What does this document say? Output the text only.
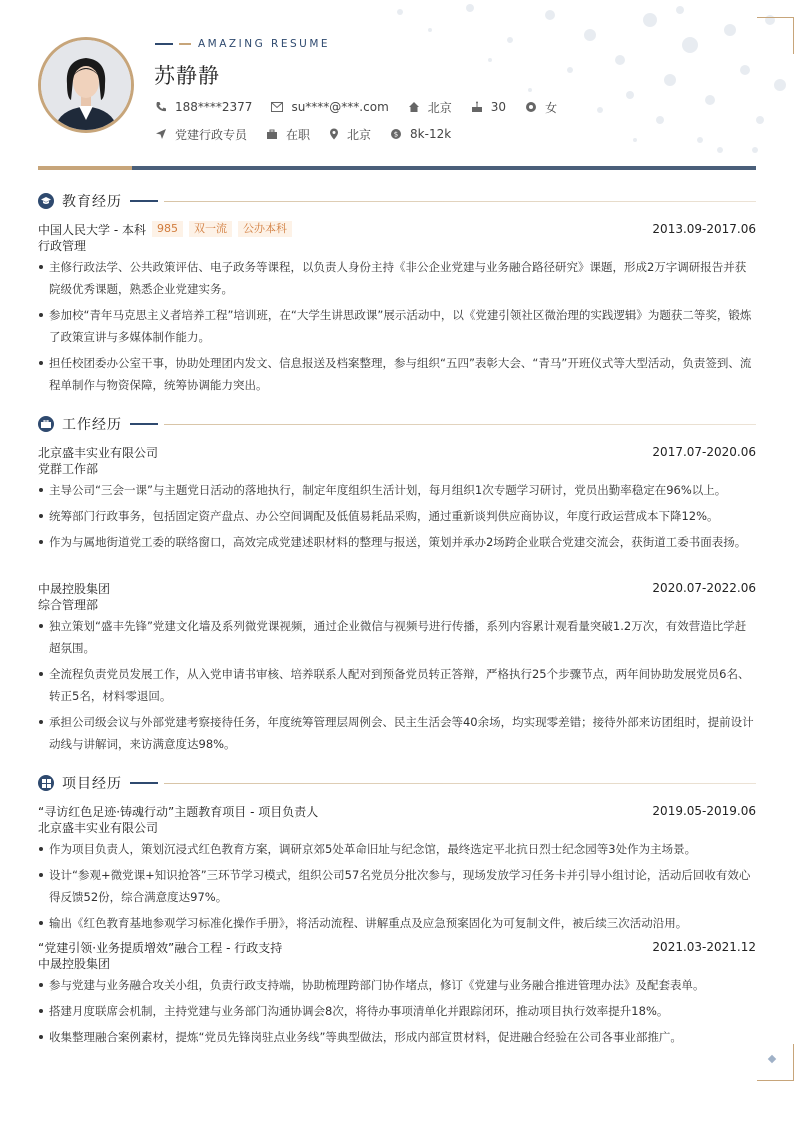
AMAZING RESUME
苏静静
188****2377	su****@***.com	北京	30	女
党建行政专员	在职	北京	$ 8k-12k
教育经历
中国人民大学 - 本科	985	双一流	公办本科	2013.09-2017.06
行政管理
主修行政法学、公共政策评估、电子政务等课程，以负责人身份主持《非公企业党建与业务融合路径研究》课题，形成2万字调研报告并获院级优秀课题，熟悉企业党建实务。
参加校“青年马克思主义者培养工程”培训班，在“大学生讲思政课”展示活动中，以《党建引领社区微治理的实践逻辑》为题获二等奖，锻炼了政策宣讲与多媒体制作能力。
担任校团委办公室干事，协助处理团内发文、信息报送及档案整理，参与组织“五四”表彰大会、“青马”开班仪式等大型活动，负责签到、流程单制作与物资保障，统筹协调能力突出。
工作经历
北京盛丰实业有限公司	2017.07-2020.06
党群工作部
主导公司“三会一课”与主题党日活动的落地执行，制定年度组织生活计划，每月组织1次专题学习研讨，党员出勤率稳定在96%以上。
统筹部门行政事务，包括固定资产盘点、办公空间调配及低值易耗品采购，通过重新谈判供应商协议，年度行政运营成本下降12%。
作为与属地街道党工委的联络窗口，高效完成党建述职材料的整理与报送，策划并承办2场跨企业联合党建交流会，获街道工委书面表扬。
中晟控股集团	2020.07-2022.06
综合管理部
独立策划“盛丰先锋”党建文化墙及系列微党课视频，通过企业微信与视频号进行传播，系列内容累计观看量突破1.2万次，有效营造比学赶超氛围。
全流程负责党员发展工作，从入党申请书审核、培养联系人配对到预备党员转正答辩，严格执行25个步骤节点，两年间协助发展党员6名、转正5名，材料零退回。
承担公司级会议与外部党建考察接待任务，年度统筹管理层周例会、民主生活会等40余场，均实现零差错；接待外部来访团组时，提前设计动线与讲解词，来访满意度达98%。
项目经历
“寻访红色足迹·铸魂行动”主题教育项目 - 项目负责人	2019.05-2019.06
北京盛丰实业有限公司
作为项目负责人，策划沉浸式红色教育方案，调研京郊5处革命旧址与纪念馆，最终选定平北抗日烈士纪念园等3处作为主场景。
设计“参观+微党课+知识抢答”三环节学习模式，组织公司57名党员分批次参与，现场发放学习任务卡并引导小组讨论，活动后回收有效心得反馈52份，综合满意度达97%。
输出《红色教育基地参观学习标准化操作手册》，将活动流程、讲解重点及应急预案固化为可复制文件，被后续三次活动沿用。
“党建引领·业务提质增效”融合工程 - 行政支持	2021.03-2021.12
中晟控股集团
参与党建与业务融合攻关小组，负责行政支持端，协助梳理跨部门协作堵点，修订《党建与业务融合推进管理办法》及配套表单。
搭建月度联席会机制，主持党建与业务部门沟通协调会8次，将待办事项清单化并跟踪闭环，推动项目执行效率提升18%。
收集整理融合案例素材，提炼“党员先锋岗驻点业务线”等典型做法，形成内部宣贯材料，促进融合经验在公司各事业部推广。
